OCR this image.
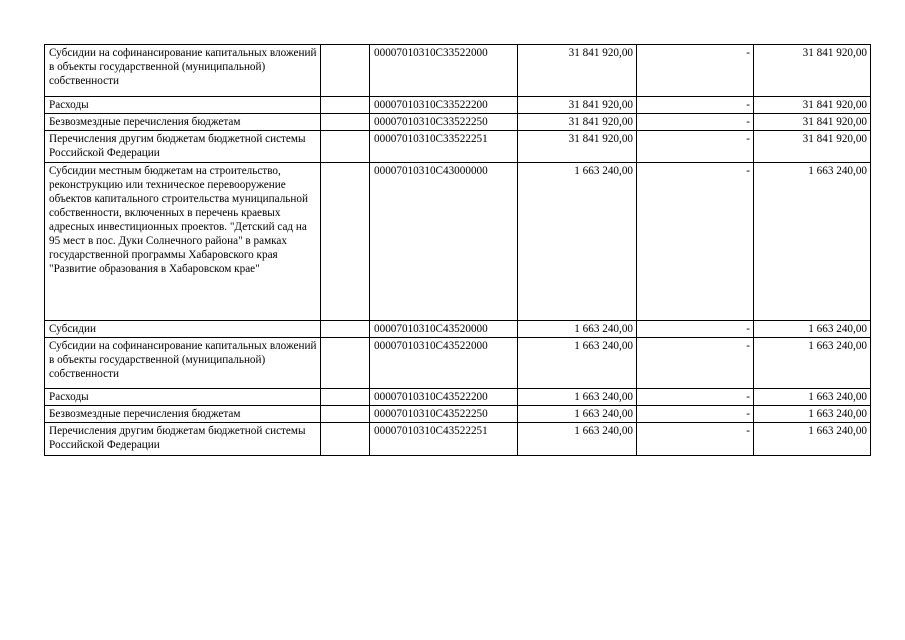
Субсидии на софинансирование капитальных вложений в объекты государственной (муниципальной) собственности		00007010310C33522000	31 841 920,00	-	31 841 920,00
Расходы		00007010310C33522200	31 841 920,00	-	31 841 920,00
Безвозмездные перечисления бюджетам		00007010310C33522250	31 841 920,00	-	31 841 920,00
Перечисления другим бюджетам бюджетной системы Российской Федерации		00007010310C33522251	31 841 920,00	-	31 841 920,00
Субсидии местным бюджетам на строительство, реконструкцию или техническое перевооружение объектов капитального строительства муниципальной собственности, включенных в перечень краевых адресных инвестиционных проектов. "Детский сад на 95 мест в пос. Дуки Солнечного района" в рамках государственной программы Хабаровского края "Развитие образования в Хабаровском крае"		00007010310C43000000	1 663 240,00	-	1 663 240,00
Субсидии		00007010310C43520000	1 663 240,00	-	1 663 240,00
Субсидии на софинансирование капитальных вложений в объекты государственной (муниципальной) собственности		00007010310C43522000	1 663 240,00	-	1 663 240,00
Расходы		00007010310C43522200	1 663 240,00	-	1 663 240,00
Безвозмездные перечисления бюджетам		00007010310C43522250	1 663 240,00	-	1 663 240,00
Перечисления другим бюджетам бюджетной системы Российской Федерации		00007010310C43522251	1 663 240,00	-	1 663 240,00
